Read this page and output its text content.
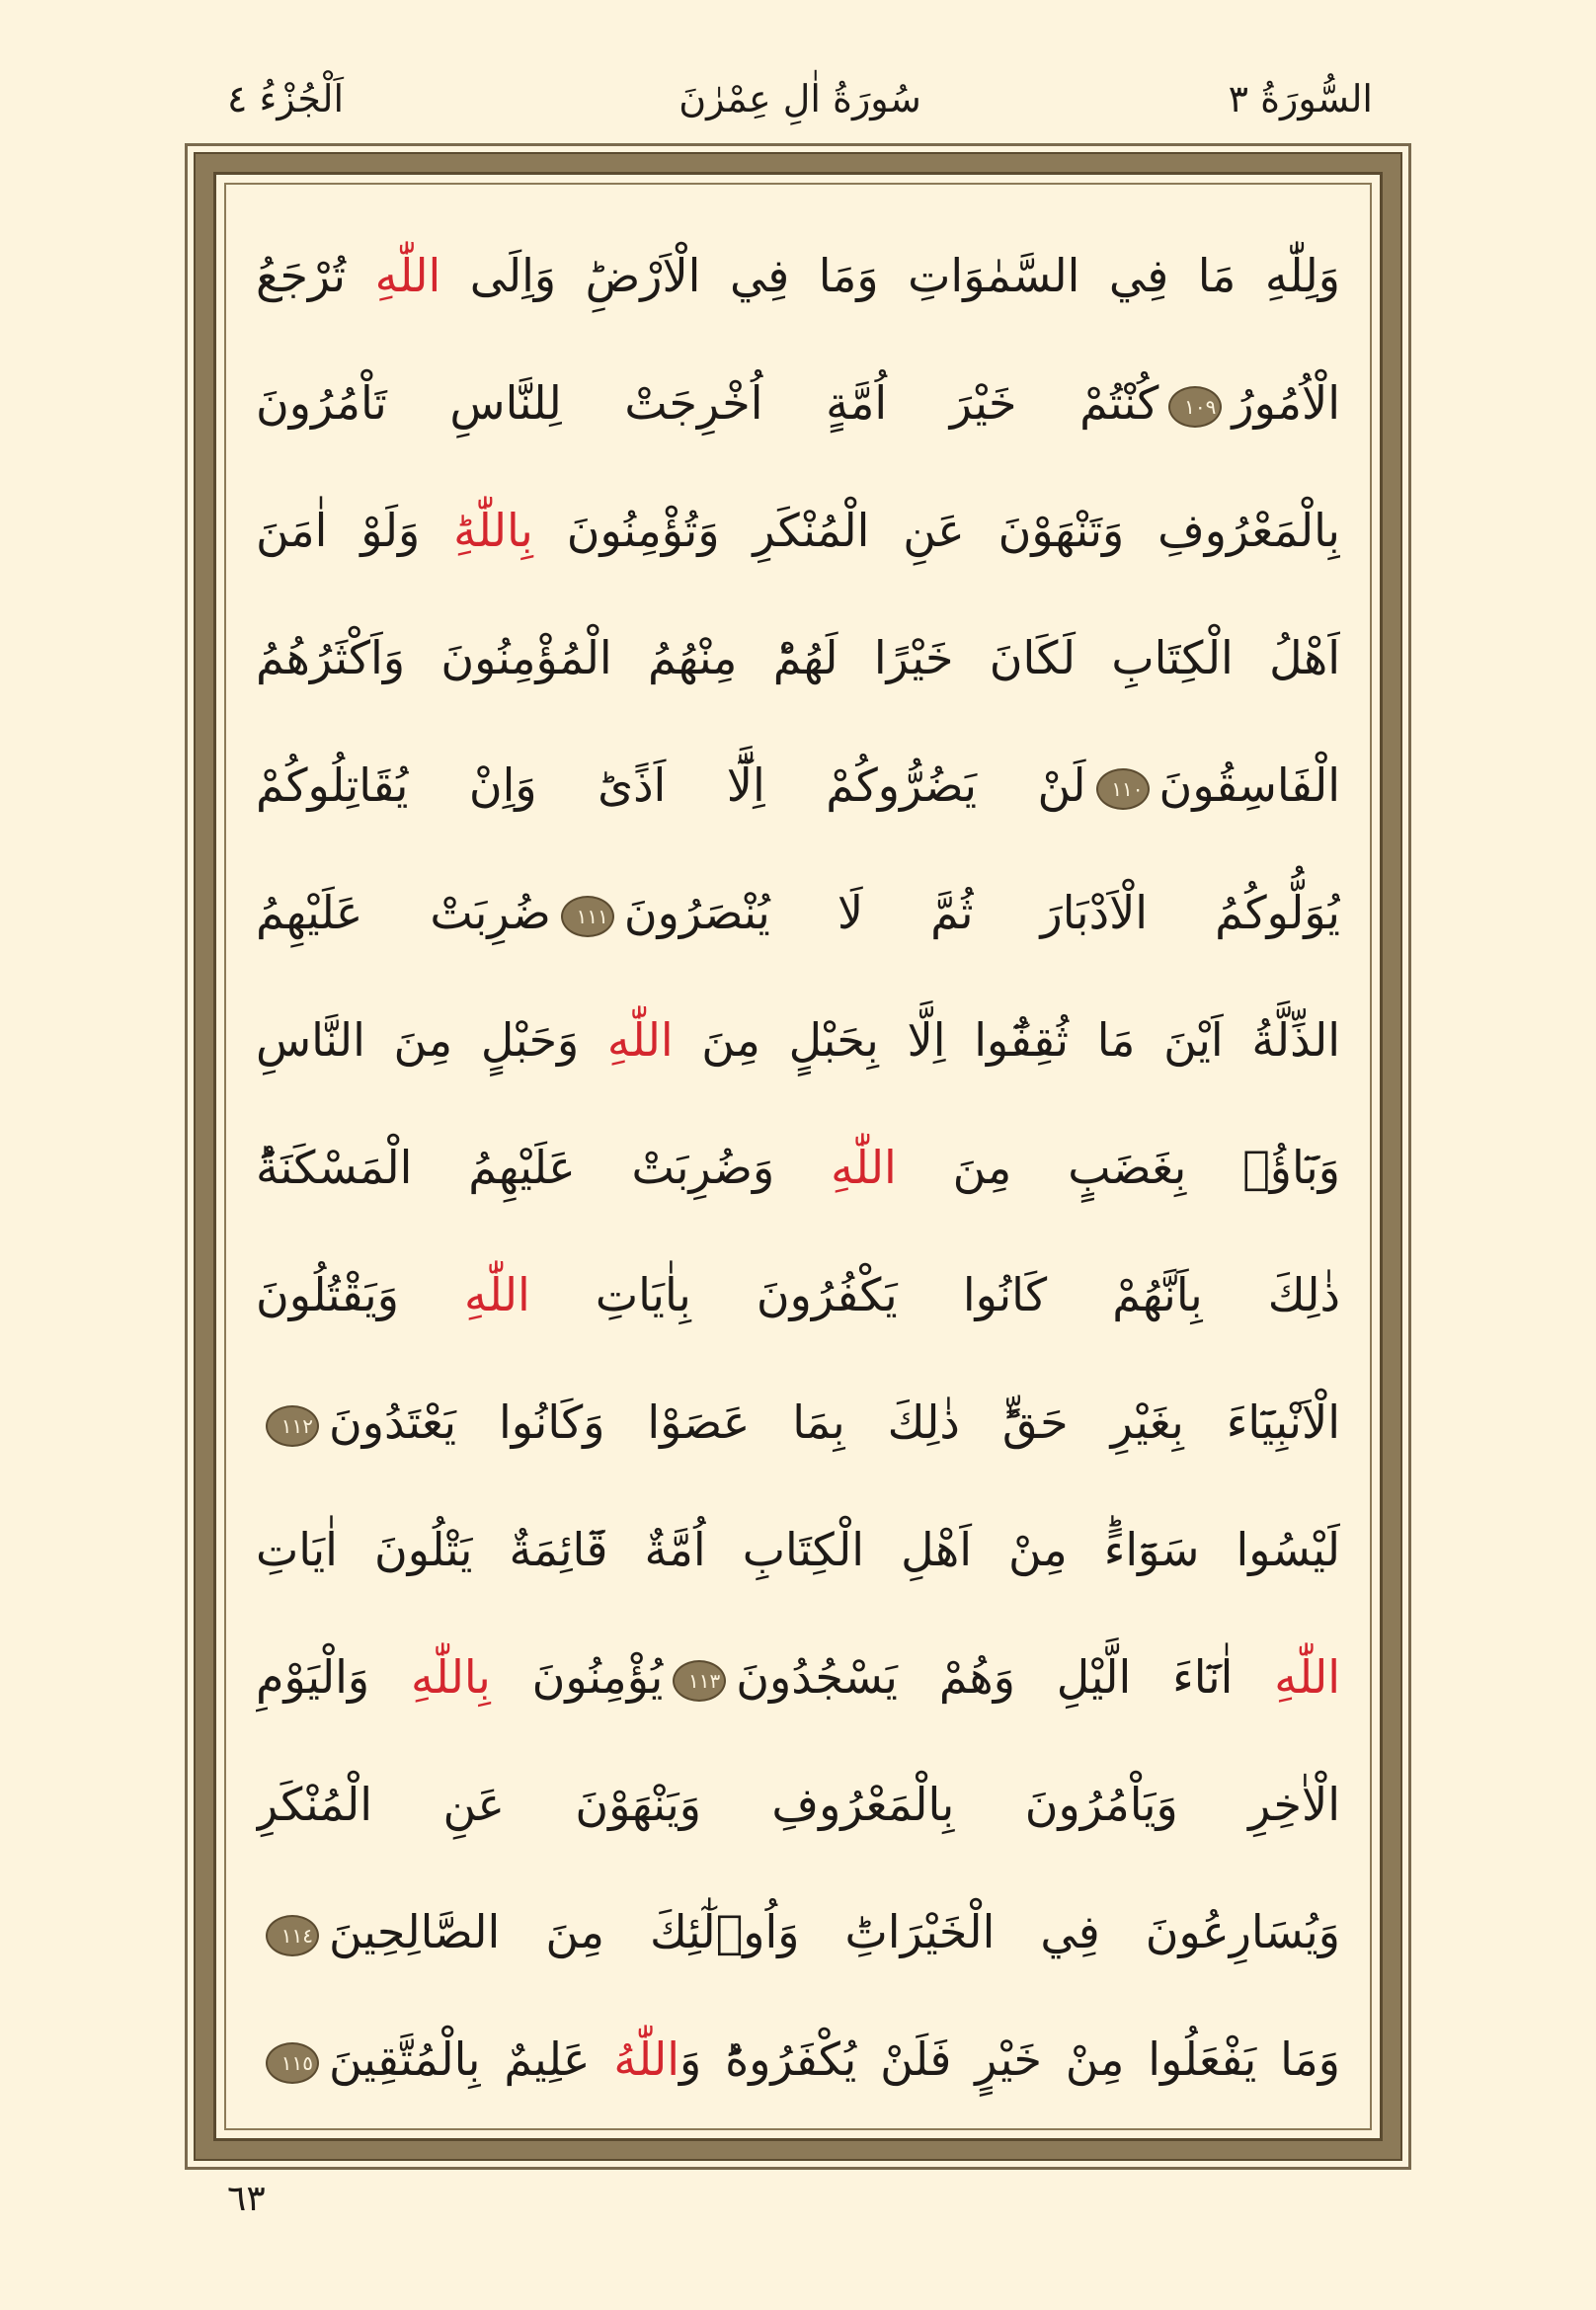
السُّورَةُ ٣
سُورَةُ اٰلِ عِمْرٰنَ
اَلْجُزْءُ ٤
وَلِلّٰهِ مَا فِي السَّمٰوَاتِ وَمَا فِي الْاَرْضِؕ وَاِلَى اللّٰهِ تُرْجَعُ
الْاُمُورُ١٠٩كُنْتُمْ خَيْرَ اُمَّةٍ اُخْرِجَتْ لِلنَّاسِ تَاْمُرُونَ
بِالْمَعْرُوفِ وَتَنْهَوْنَ عَنِ الْمُنْكَرِ وَتُؤْمِنُونَ بِاللّٰهِؕ وَلَوْ اٰمَنَ
اَهْلُ الْكِتَابِ لَكَانَ خَيْرًا لَهُمْؕ مِنْهُمُ الْمُؤْمِنُونَ وَاَكْثَرُهُمُ
الْفَاسِقُونَ١١٠لَنْ يَضُرُّوكُمْ اِلَّٓا اَذًىؕ وَاِنْ يُقَاتِلُوكُمْ
يُوَلُّوكُمُ الْاَدْبَارَ ثُمَّ لَا يُنْصَرُونَ١١١ضُرِبَتْ عَلَيْهِمُ
الذِّلَّةُ اَيْنَ مَا ثُقِفُٓوا اِلَّا بِحَبْلٍ مِنَ اللّٰهِ وَحَبْلٍ مِنَ النَّاسِ
وَبَٓاؤُ۫ بِغَضَبٍ مِنَ اللّٰهِ وَضُرِبَتْ عَلَيْهِمُ الْمَسْكَنَةُؕ
ذٰلِكَ بِاَنَّهُمْ كَانُوا يَكْفُرُونَ بِاٰيَاتِ اللّٰهِ وَيَقْتُلُونَ
الْاَنْبِيَٓاءَ بِغَيْرِ حَقٍّؕ ذٰلِكَ بِمَا عَصَوْا وَكَانُوا يَعْتَدُونَ١١٢
لَيْسُوا سَوَٓاءًؕ مِنْ اَهْلِ الْكِتَابِ اُمَّةٌ قَٓائِمَةٌ يَتْلُونَ اٰيَاتِ
اللّٰهِ اٰنَٓاءَ الَّيْلِ وَهُمْ يَسْجُدُونَ١١٣يُؤْمِنُونَ بِاللّٰهِ وَالْيَوْمِ
الْاٰخِرِ وَيَاْمُرُونَ بِالْمَعْرُوفِ وَيَنْهَوْنَ عَنِ الْمُنْكَرِ
وَيُسَارِعُونَ فِي الْخَيْرَاتِؕ وَاُو۬لٰٓئِكَ مِنَ الصَّالِحِينَ١١٤
وَمَا يَفْعَلُوا مِنْ خَيْرٍ فَلَنْ يُكْفَرُوهُؕ وَاللّٰهُ عَلِيمٌ بِالْمُتَّقِينَ١١٥
٦٣
